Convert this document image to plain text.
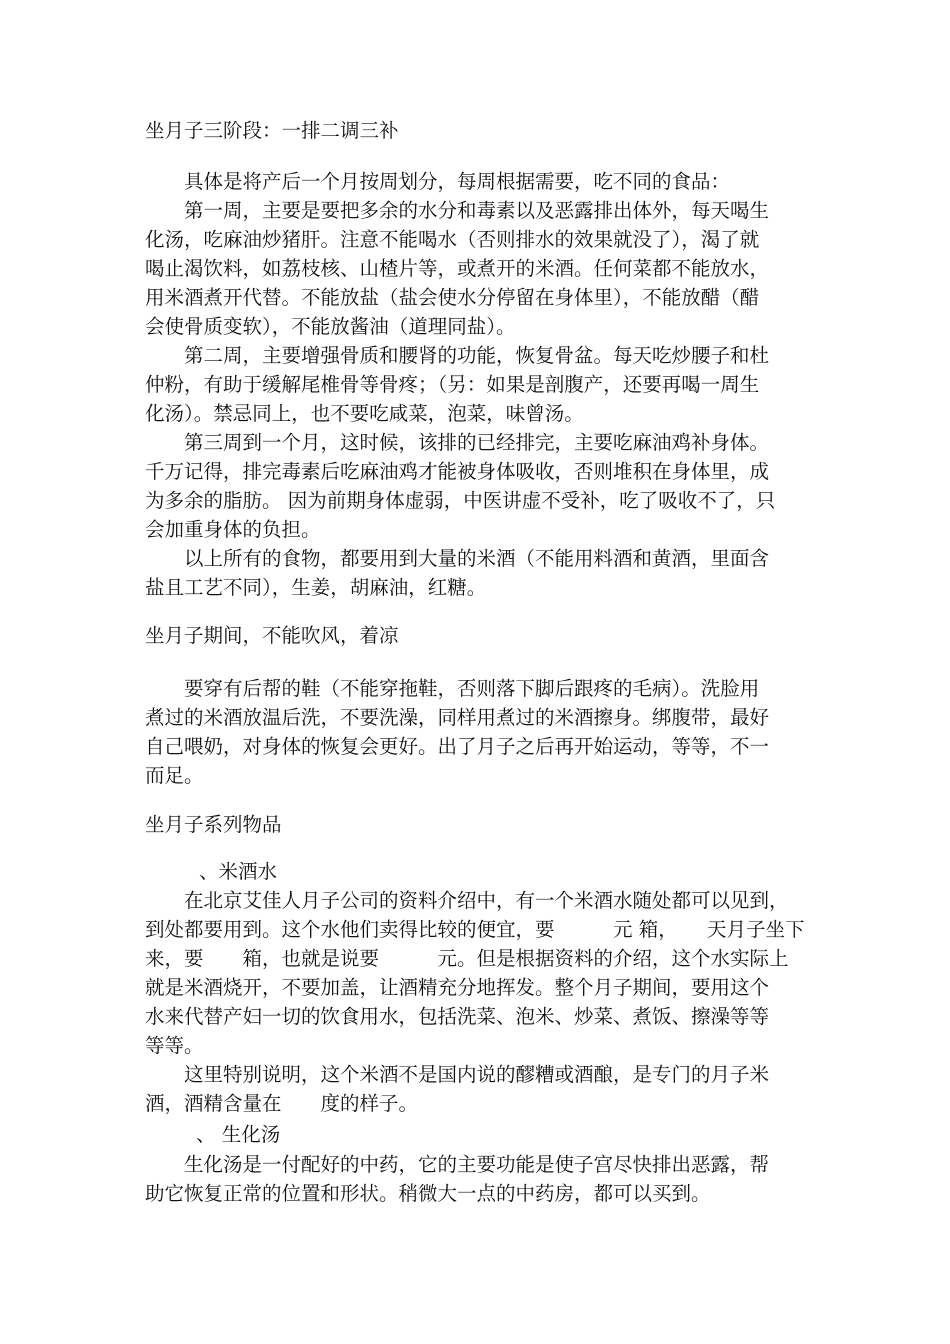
坐月子三阶段：一排二调三补
　　具体是将产后一个月按周划分，每周根据需要，吃不同的食品：
　　第一周，主要是要把多余的水分和毒素以及恶露排出体外，每天喝生
化汤，吃麻油炒猪肝。注意不能喝水（否则排水的效果就没了），渴了就
喝止渴饮料，如荔枝核、山楂片等，或煮开的米酒。任何菜都不能放水，
用米酒煮开代替。不能放盐（盐会使水分停留在身体里），不能放醋（醋
会使骨质变软），不能放酱油（道理同盐）。
　　第二周，主要增强骨质和腰肾的功能，恢复骨盆。每天吃炒腰子和杜
仲粉，有助于缓解尾椎骨等骨疼；（另：如果是剖腹产，还要再喝一周生
化汤）。禁忌同上，也不要吃咸菜，泡菜，味曾汤。
　　第三周到一个月，这时候，该排的已经排完，主要吃麻油鸡补身体。
千万记得，排完毒素后吃麻油鸡才能被身体吸收，否则堆积在身体里，成
为多余的脂肪。 因为前期身体虚弱，中医讲虚不受补，吃了吸收不了，只
会加重身体的负担。
　　以上所有的食物，都要用到大量的米酒（不能用料酒和黄酒，里面含
盐且工艺不同），生姜，胡麻油，红糖。
坐月子期间，不能吹风，着凉
　　要穿有后帮的鞋（不能穿拖鞋，否则落下脚后跟疼的毛病）。洗脸用
煮过的米酒放温后洗，不要洗澡，同样用煮过的米酒擦身。绑腹带，最好
自己喂奶，对身体的恢复会更好。出了月子之后再开始运动，等等，不一
而足。
坐月子系列物品

、米酒水

　　在北京艾佳人月子公司的资料介绍中，有一个米酒水随处都可以见到，
到处都要用到。这个水他们卖得比较的便宜，要　　　元 箱，　　天月子坐下
来，要　　箱，也就是说要　　　元。但是根据资料的介绍，这个水实际上
就是米酒烧开，不要加盖，让酒精充分地挥发。整个月子期间，要用这个
水来代替产妇一切的饮食用水，包括洗菜、泡米、炒菜、煮饭、擦澡等等
等等。
　　这里特别说明，这个米酒不是国内说的醪糟或酒酿，是专门的月子米
酒，酒精含量在　　度的样子。

、 生化汤

　　生化汤是一付配好的中药，它的主要功能是使子宫尽快排出恶露，帮
助它恢复正常的位置和形状。稍微大一点的中药房，都可以买到。
